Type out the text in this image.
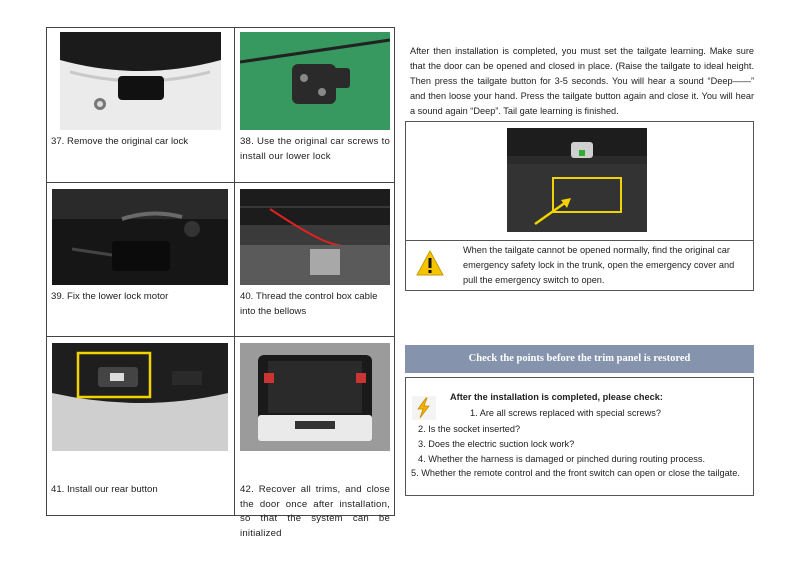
37. Remove the original car lock	38. Use the original car screws to install our lower lock
39. Fix the lower lock motor	40. Thread the control box cable into the bellows
41. Install our rear button	42. Recover all trims, and close the door once after installation, so that the system can be initialized
After then installation is completed, you must set the tailgate learning. Make sure that the door can be opened and closed in place. (Raise the tailgate to ideal height. Then press the tailgate button for 3-5 seconds. You will hear a sound “Deep——” and then loose your hand. Press the tailgate button again and close it. You will hear a sound again “Deep”. Tail gate learning is finished.
When the tailgate cannot be opened normally, find the original car emergency safety lock in the trunk, open the emergency cover and pull the emergency switch to open.
Check the points before the trim panel is restored
After the installation is completed, please check:
1. Are all screws replaced with special screws?
2. Is the socket inserted?
3. Does the electric suction lock work?
4. Whether the harness is damaged or pinched during routing process.
5. Whether the remote control and the front switch can open or close the tailgate.
